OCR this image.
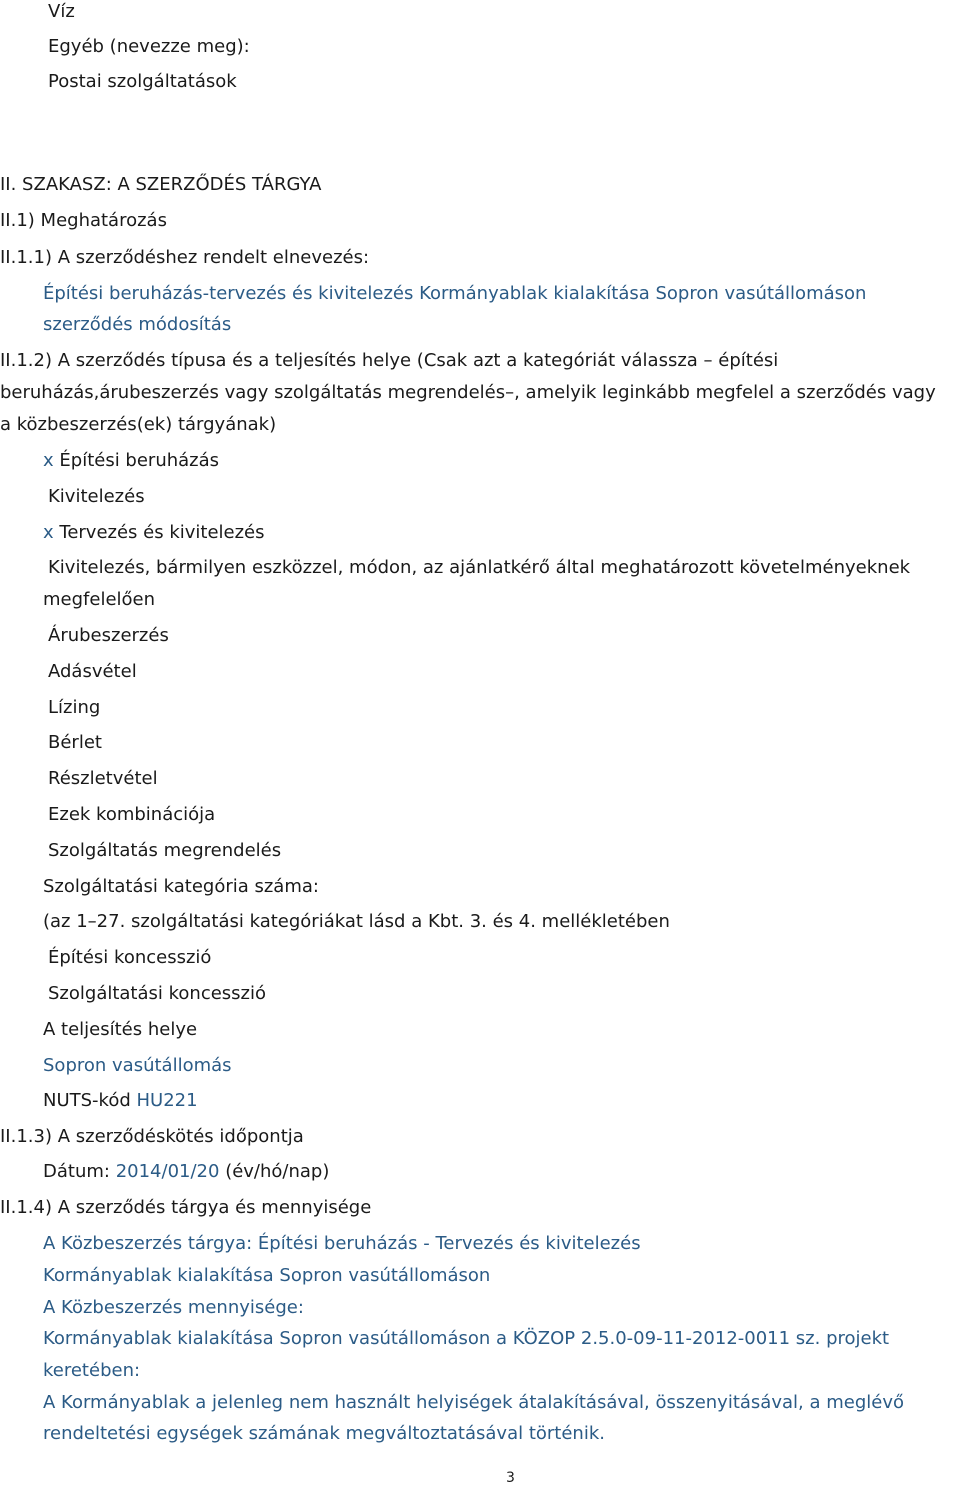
Víz
Egyéb (nevezze meg):
Postai szolgáltatások
II. SZAKASZ: A SZERZŐDÉS TÁRGYA
II.1) Meghatározás
II.1.1) A szerződéshez rendelt elnevezés:
Építési beruházás-tervezés és kivitelezés Kormányablak kialakítása Sopron vasútállomáson
szerződés módosítás
II.1.2) A szerződés típusa és a teljesítés helye (Csak azt a kategóriát válassza – építési
beruházás,árubeszerzés vagy szolgáltatás megrendelés–, amelyik leginkább megfelel a szerződés vagy
a közbeszerzés(ek) tárgyának)
x Építési beruházás
Kivitelezés
x Tervezés és kivitelezés
Kivitelezés, bármilyen eszközzel, módon, az ajánlatkérő által meghatározott követelményeknek
megfelelően
Árubeszerzés
Adásvétel
Lízing
Bérlet
Részletvétel
Ezek kombinációja
Szolgáltatás megrendelés
Szolgáltatási kategória száma:
(az 1–27. szolgáltatási kategóriákat lásd a Kbt. 3. és 4. mellékletében
Építési koncesszió
Szolgáltatási koncesszió
A teljesítés helye
Sopron vasútállomás
NUTS-kód HU221
II.1.3) A szerződéskötés időpontja
Dátum: 2014/01/20 (év/hó/nap)
II.1.4) A szerződés tárgya és mennyisége
A Közbeszerzés tárgya: Építési beruházás - Tervezés és kivitelezés
Kormányablak kialakítása Sopron vasútállomáson
A Közbeszerzés mennyisége:
Kormányablak kialakítása Sopron vasútállomáson a KÖZOP 2.5.0-09-11-2012-0011 sz. projekt
keretében:
A Kormányablak a jelenleg nem használt helyiségek átalakításával, összenyitásával, a meglévő
rendeltetési egységek számának megváltoztatásával történik.
3
